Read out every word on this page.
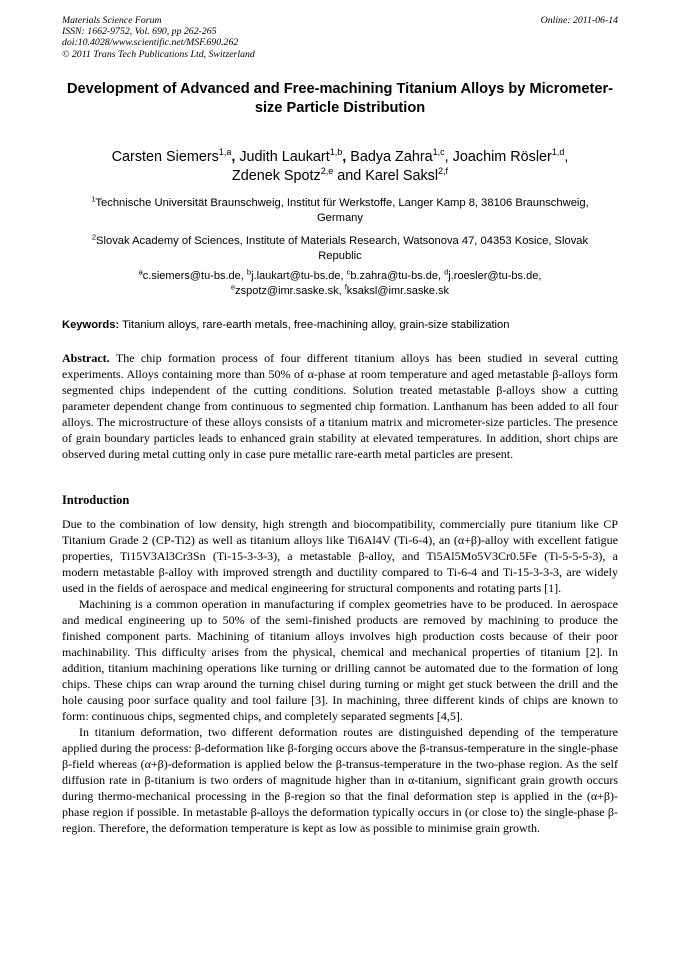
Materials Science Forum
ISSN: 1662-9752, Vol. 690, pp 262-265
doi:10.4028/www.scientific.net/MSF.690.262
© 2011 Trans Tech Publications Ltd, Switzerland
Online: 2011-06-14
Development of Advanced and Free-machining Titanium Alloys by Micrometer-size Particle Distribution
Carsten Siemers$^{1,a}$, Judith Laukart$^{1,b}$, Badya Zahra$^{1,c}$, Joachim Rösler$^{1,d}$,
Zdenek Spotz$^{2,e}$ and Karel Saksl$^{2,f}$
$^1$Technische Universität Braunschweig, Institut für Werkstoffe, Langer Kamp 8, 38106 Braunschweig, Germany
$^2$Slovak Academy of Sciences, Institute of Materials Research, Watsonova 47, 04353 Kosice, Slovak Republic
$^a$c.siemers@tu-bs.de, $^b$j.laukart@tu-bs.de, $^c$b.zahra@tu-bs.de, $^d$j.roesler@tu-bs.de,
$^e$zspotz@imr.saske.sk, $^f$ksaksl@imr.saske.sk
Keywords: Titanium alloys, rare-earth metals, free-machining alloy, grain-size stabilization
Abstract. The chip formation process of four different titanium alloys has been studied in several cutting experiments. Alloys containing more than 50% of α-phase at room temperature and aged metastable β-alloys form segmented chips independent of the cutting conditions. Solution treated metastable β-alloys show a cutting parameter dependent change from continuous to segmented chip formation. Lanthanum has been added to all four alloys. The microstructure of these alloys consists of a titanium matrix and micrometer-size particles. The presence of grain boundary particles leads to enhanced grain stability at elevated temperatures. In addition, short chips are observed during metal cutting only in case pure metallic rare-earth metal particles are present.
Introduction

Due to the combination of low density, high strength and biocompatibility, commercially pure titanium like CP Titanium Grade 2 (CP-Ti2) as well as titanium alloys like Ti6Al4V (Ti-6-4), an (α+β)-alloy with excellent fatigue properties, Ti15V3Al3Cr3Sn (Ti-15-3-3-3), a metastable β-alloy, and Ti5Al5Mo5V3Cr0.5Fe (Ti-5-5-5-3), a modern metastable β-alloy with improved strength and ductility compared to Ti-6-4 and Ti-15-3-3-3, are widely used in the fields of aerospace and medical engineering for structural components and rotating parts [1].

Machining is a common operation in manufacturing if complex geometries have to be produced. In aerospace and medical engineering up to 50% of the semi-finished products are removed by machining to produce the finished component parts. Machining of titanium alloys involves high production costs because of their poor machinability. This difficulty arises from the physical, chemical and mechanical properties of titanium [2]. In addition, titanium machining operations like turning or drilling cannot be automated due to the formation of long chips. These chips can wrap around the turning chisel during turning or might get stuck between the drill and the hole causing poor surface quality and tool failure [3]. In machining, three different kinds of chips are known to form: continuous chips, segmented chips, and completely separated segments [4,5].

In titanium deformation, two different deformation routes are distinguished depending of the temperature applied during the process: β-deformation like β-forging occurs above the β-transus-temperature in the single-phase β-field whereas (α+β)-deformation is applied below the β-transus-temperature in the two-phase region. As the self diffusion rate in β-titanium is two orders of magnitude higher than in α-titanium, significant grain growth occurs during thermo-mechanical processing in the β-region so that the final deformation step is applied in the (α+β)-phase region if possible. In metastable β-alloys the deformation typically occurs in (or close to) the single-phase β-region. Therefore, the deformation temperature is kept as low as possible to minimise grain growth.
